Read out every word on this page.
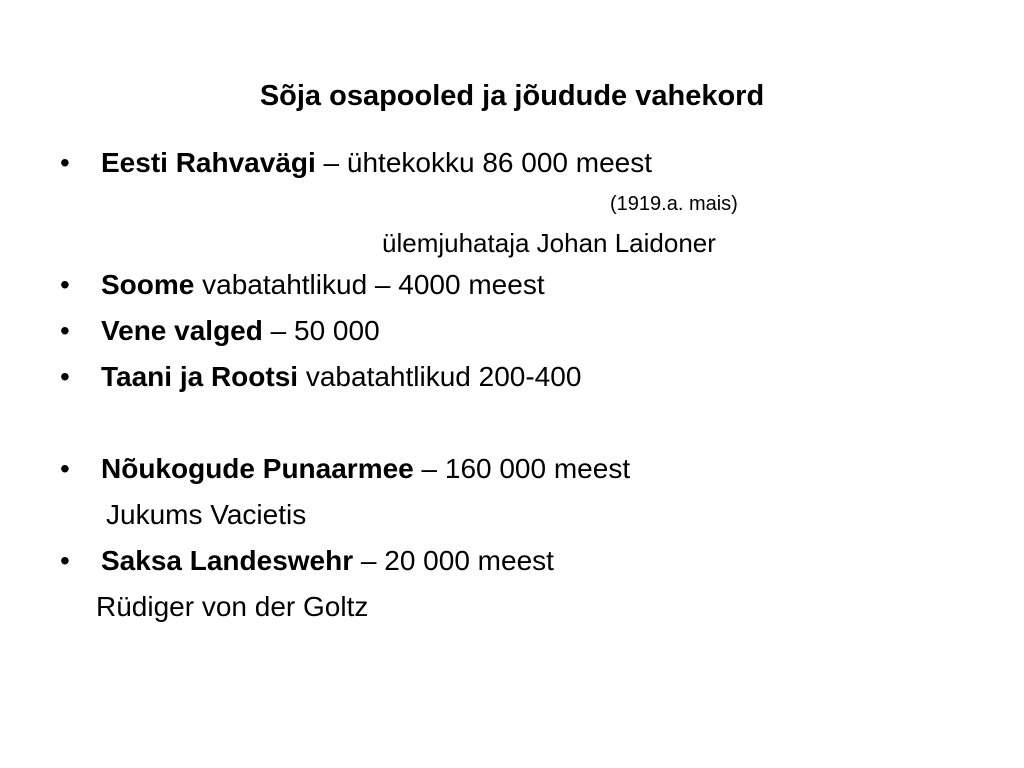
Sõja osapooled ja jõudude vahekord
• Eesti Rahvavägi – ühtekokku 86 000 meest
(1919.a. mais)
ülemjuhataja Johan Laidoner
• Soome vabatahtlikud – 4000 meest
• Vene valged – 50 000
• Taani ja Rootsi vabatahtlikud 200-400
• Nõukogude Punaarmee – 160 000 meest
Jukums Vacietis
• Saksa Landeswehr – 20 000 meest
Rüdiger von der Goltz
